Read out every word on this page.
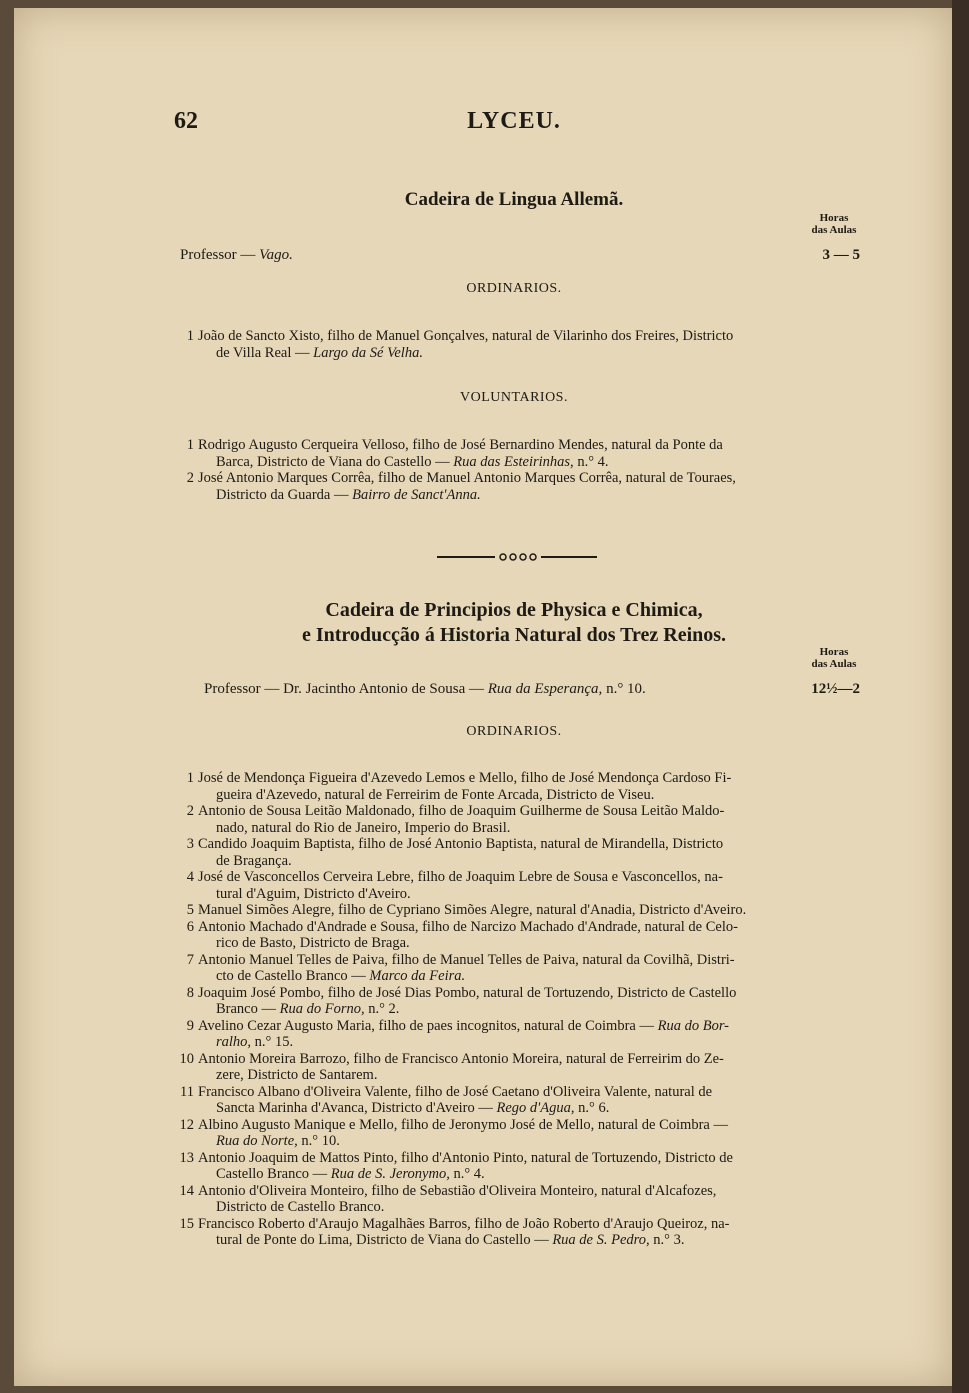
62	LYCEU.
Cadeira de Lingua Allemã.
Horas
das Aulas
Professor — Vago.	3 — 5
ORDINARIOS.
1 João de Sancto Xisto, filho de Manuel Gonçalves, natural de Vilarinho dos Freires, Districto
de Villa Real — Largo da Sé Velha.
VOLUNTARIOS.
1 Rodrigo Augusto Cerqueira Velloso, filho de José Bernardino Mendes, natural da Ponte da
Barca, Districto de Viana do Castello — Rua das Esteirinhas, n.° 4.
2 José Antonio Marques Corrêa, filho de Manuel Antonio Marques Corrêa, natural de Touraes,
Districto da Guarda — Bairro de Sanct'Anna.
Cadeira de Principios de Physica e Chimica,
e Introducção á Historia Natural dos Trez Reinos.
Horas
das Aulas
Professor — Dr. Jacintho Antonio de Sousa — Rua da Esperança, n.° 10.	12½—2
ORDINARIOS.
1 José de Mendonça Figueira d'Azevedo Lemos e Mello, filho de José Mendonça Cardoso Fi-
gueira d'Azevedo, natural de Ferreirim de Fonte Arcada, Districto de Viseu.
2 Antonio de Sousa Leitão Maldonado, filho de Joaquim Guilherme de Sousa Leitão Maldo-
nado, natural do Rio de Janeiro, Imperio do Brasil.
3 Candido Joaquim Baptista, filho de José Antonio Baptista, natural de Mirandella, Districto
de Bragança.
4 José de Vasconcellos Cerveira Lebre, filho de Joaquim Lebre de Sousa e Vasconcellos, na-
tural d'Aguim, Districto d'Aveiro.
5 Manuel Simões Alegre, filho de Cypriano Simões Alegre, natural d'Anadia, Districto d'Aveiro.
6 Antonio Machado d'Andrade e Sousa, filho de Narcizo Machado d'Andrade, natural de Celo-
rico de Basto, Districto de Braga.
7 Antonio Manuel Telles de Paiva, filho de Manuel Telles de Paiva, natural da Covilhã, Distri-
cto de Castello Branco — Marco da Feira.
8 Joaquim José Pombo, filho de José Dias Pombo, natural de Tortuzendo, Districto de Castello
Branco — Rua do Forno, n.° 2.
9 Avelino Cezar Augusto Maria, filho de paes incognitos, natural de Coimbra — Rua do Bor-
ralho, n.° 15.
10 Antonio Moreira Barrozo, filho de Francisco Antonio Moreira, natural de Ferreirim do Ze-
zere, Districto de Santarem.
11 Francisco Albano d'Oliveira Valente, filho de José Caetano d'Oliveira Valente, natural de
Sancta Marinha d'Avanca, Districto d'Aveiro — Rego d'Agua, n.° 6.
12 Albino Augusto Manique e Mello, filho de Jeronymo José de Mello, natural de Coimbra —
Rua do Norte, n.° 10.
13 Antonio Joaquim de Mattos Pinto, filho d'Antonio Pinto, natural de Tortuzendo, Districto de
Castello Branco — Rua de S. Jeronymo, n.° 4.
14 Antonio d'Oliveira Monteiro, filho de Sebastião d'Oliveira Monteiro, natural d'Alcafozes,
Districto de Castello Branco.
15 Francisco Roberto d'Araujo Magalhães Barros, filho de João Roberto d'Araujo Queiroz, na-
tural de Ponte do Lima, Districto de Viana do Castello — Rua de S. Pedro, n.° 3.
